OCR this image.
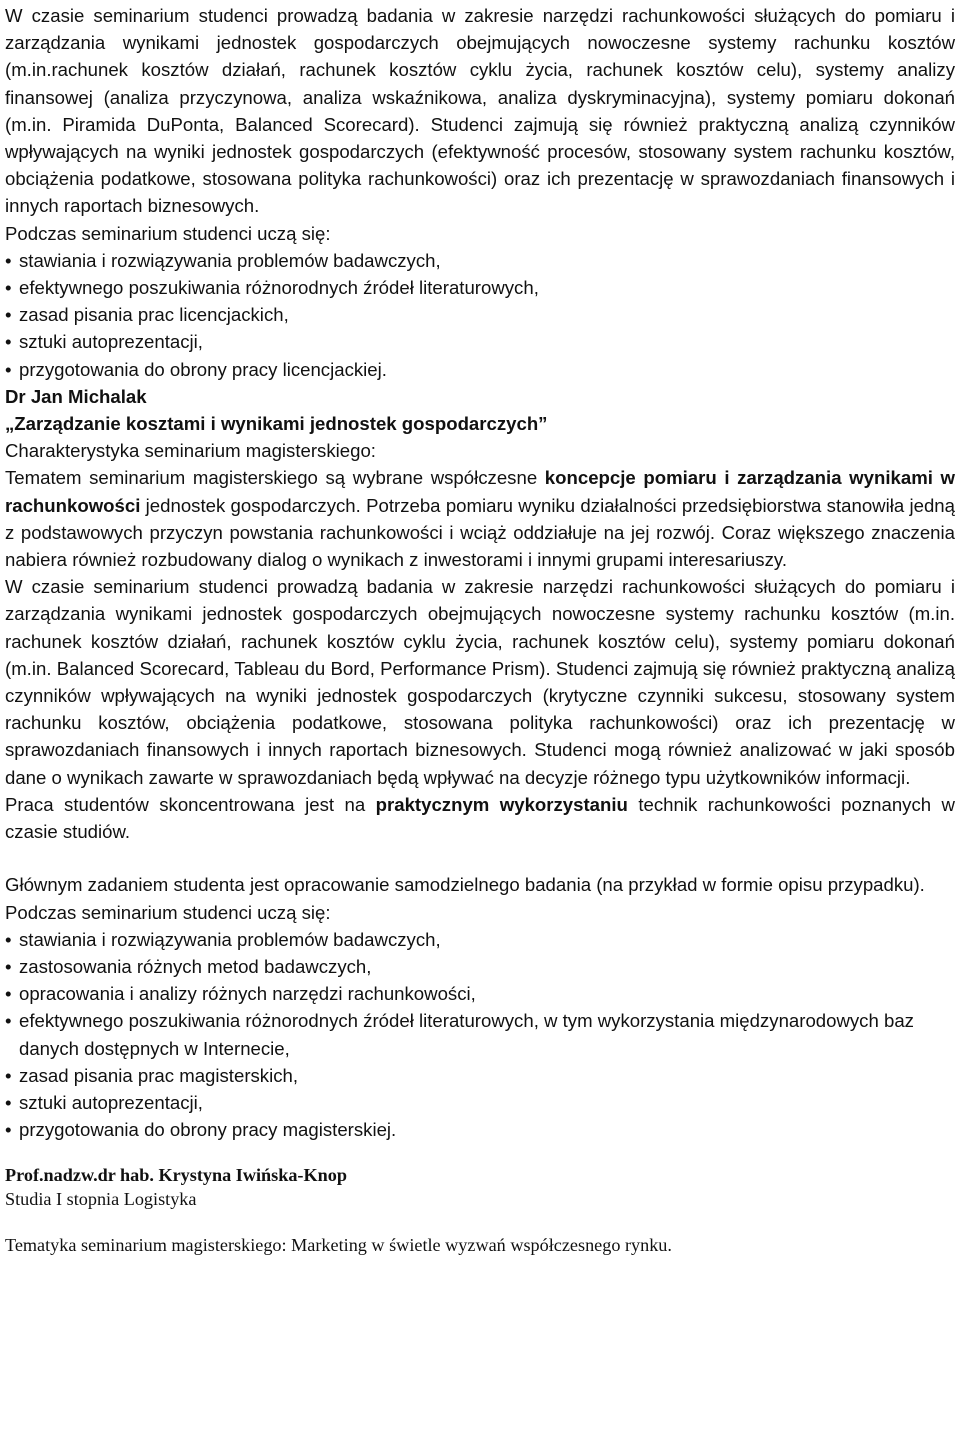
W czasie seminarium studenci prowadzą badania w zakresie narzędzi rachunkowości służących do pomiaru i zarządzania wynikami jednostek gospodarczych obejmujących nowoczesne systemy rachunku kosztów (m.in.rachunek kosztów działań, rachunek kosztów cyklu życia, rachunek kosztów celu), systemy analizy finansowej (analiza przyczynowa, analiza wskaźnikowa, analiza dyskryminacyjna), systemy pomiaru dokonań (m.in. Piramida DuPonta, Balanced Scorecard). Studenci zajmują się również praktyczną analizą czynników wpływających na wyniki jednostek gospodarczych (efektywność procesów, stosowany system rachunku kosztów, obciążenia podatkowe, stosowana polityka rachunkowości) oraz ich prezentację w sprawozdaniach finansowych i innych raportach biznesowych.

Podczas seminarium studenci uczą się:
• stawiania i rozwiązywania problemów badawczych,
• efektywnego poszukiwania różnorodnych źródeł literaturowych,
• zasad pisania prac licencjackich,
• sztuki autoprezentacji,
• przygotowania do obrony pracy licencjackiej.
Dr Jan Michalak
„Zarządzanie kosztami i wynikami jednostek gospodarczych”
Charakterystyka seminarium magisterskiego:

Tematem seminarium magisterskiego są wybrane współczesne koncepcje pomiaru i zarządzania wynikami w rachunkowości jednostek gospodarczych. Potrzeba pomiaru wyniku działalności przedsiębiorstwa stanowiła jedną z podstawowych przyczyn powstania rachunkowości i wciąż oddziałuje na jej rozwój. Coraz większego znaczenia nabiera również rozbudowany dialog o wynikach z inwestorami i innymi grupami interesariuszy.

W czasie seminarium studenci prowadzą badania w zakresie narzędzi rachunkowości służących do pomiaru i zarządzania wynikami jednostek gospodarczych obejmujących nowoczesne systemy rachunku kosztów (m.in. rachunek kosztów działań, rachunek kosztów cyklu życia, rachunek kosztów celu), systemy pomiaru dokonań (m.in. Balanced Scorecard, Tableau du Bord, Performance Prism). Studenci zajmują się również praktyczną analizą czynników wpływających na wyniki jednostek gospodarczych (krytyczne czynniki sukcesu, stosowany system rachunku kosztów, obciążenia podatkowe, stosowana polityka rachunkowości) oraz ich prezentację w sprawozdaniach finansowych i innych raportach biznesowych. Studenci mogą również analizować w jaki sposób dane o wynikach zawarte w sprawozdaniach będą wpływać na decyzje różnego typu użytkowników informacji.

Praca studentów skoncentrowana jest na praktycznym wykorzystaniu technik rachunkowości poznanych w czasie studiów.

Głównym zadaniem studenta jest opracowanie samodzielnego badania (na przykład w formie opisu przypadku).

Podczas seminarium studenci uczą się:
• stawiania i rozwiązywania problemów badawczych,
• zastosowania różnych metod badawczych,
• opracowania i analizy różnych narzędzi rachunkowości,
• efektywnego poszukiwania różnorodnych źródeł literaturowych, w tym wykorzystania międzynarodowych baz danych dostępnych w Internecie,
• zasad pisania prac magisterskich,
• sztuki autoprezentacji,
• przygotowania do obrony pracy magisterskiej.
Prof.nadzw.dr hab. Krystyna Iwińska-Knop
Studia I stopnia Logistyka
Tematyka seminarium magisterskiego: Marketing w świetle wyzwań współczesnego rynku.
